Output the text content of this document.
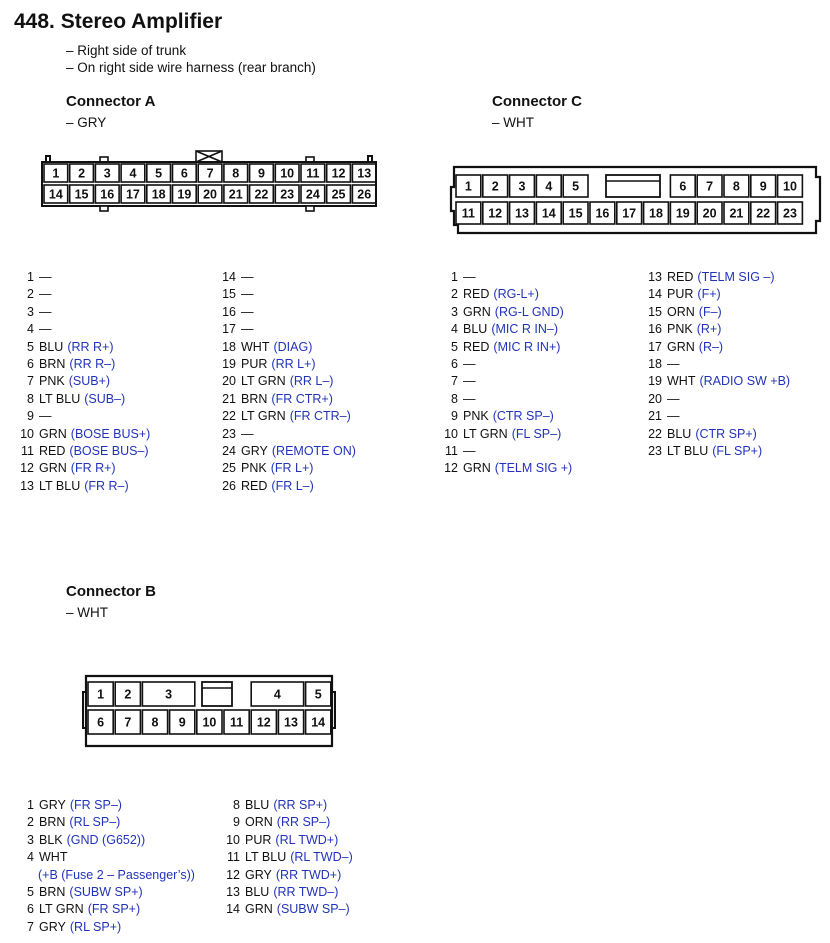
448. Stereo Amplifier
– Right side of trunk
– On right side wire harness (rear branch)
Connector A
– GRY
Connector C
– WHT
Connector B
– WHT
1 2 3 4 5 6 7 8 9 10 11 12 13
14 15 16 17 18 19 20 21 22 23 24 25 26
1 2 3 4 5	6 7 8 9 10
11 12 13 14 15 16 17 18 19 20 21 22 23
1 2	3	4	5
6 7 8 9 10 11 12 13 14
1 —
2 —
3 —
4 —
5 BLU (RR R+)
6 BRN (RR R–)
7 PNK (SUB+)
8 LT BLU (SUB–)
9 —
10 GRN (BOSE BUS+)
11 RED (BOSE BUS–)
12 GRN (FR R+)
13 LT BLU (FR R–)
14 —
15 —
16 —
17 —
18 WHT (DIAG)
19 PUR (RR L+)
20 LT GRN (RR L–)
21 BRN (FR CTR+)
22 LT GRN (FR CTR–)
23 —
24 GRY (REMOTE ON)
25 PNK (FR L+)
26 RED (FR L–)
1 —
2 RED (RG-L+)
3 GRN (RG-L GND)
4 BLU (MIC R IN–)
5 RED (MIC R IN+)
6 —
7 —
8 —
9 PNK (CTR SP–)
10 LT GRN (FL SP–)
11 —
12 GRN (TELM SIG +)
13 RED (TELM SIG –)
14 PUR (F+)
15 ORN (F–)
16 PNK (R+)
17 GRN (R–)
18 —
19 WHT (RADIO SW +B)
20 —
21 —
22 BLU (CTR SP+)
23 LT BLU (FL SP+)
1 GRY (FR SP–)
2 BRN (RL SP–)
3 BLK (GND (G652))
4 WHT
(+B (Fuse 2 – Passenger’s))
5 BRN (SUBW SP+)
6 LT GRN (FR SP+)
7 GRY (RL SP+)
8 BLU (RR SP+)
9 ORN (RR SP–)
10 PUR (RL TWD+)
11 LT BLU (RL TWD–)
12 GRY (RR TWD+)
13 BLU (RR TWD–)
14 GRN (SUBW SP–)
